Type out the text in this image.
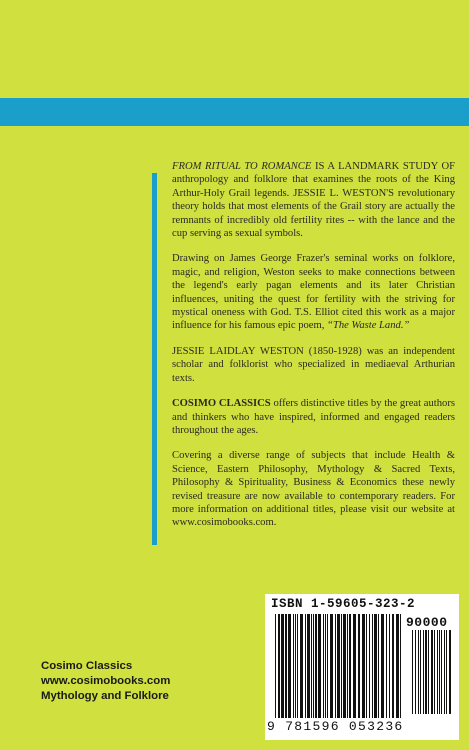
FROM RITUAL TO ROMANCE IS A LANDMARK STUDY OF anthropology and folklore that examines the roots of the King Arthur-Holy Grail legends. JESSIE L. WESTON'S revolutionary theory holds that most elements of the Grail story are actually the remnants of incredibly old fertility rites -- with the lance and the cup serving as sexual symbols.

Drawing on James George Frazer's seminal works on folklore, magic, and religion, Weston seeks to make connections between the legend's early pagan elements and its later Christian influences, uniting the quest for fertility with the striving for mystical oneness with God. T.S. Elliot cited this work as a major influence for his famous epic poem, “The Waste Land.”

JESSIE LAIDLAY WESTON (1850-1928) was an independent scholar and folklorist who specialized in mediaeval Arthurian texts.

COSIMO CLASSICS offers distinctive titles by the great authors and thinkers who have inspired, informed and engaged readers throughout the ages.

Covering a diverse range of subjects that include Health & Science, Eastern Philosophy, Mythology & Sacred Texts, Philosophy & Spirituality, Business & Economics these newly revised treasure are now available to contemporary readers. For more information on additional titles, please visit our website at www.cosimobooks.com.

Cosimo Classics
www.cosimobooks.com
Mythology and Folklore
ISBN 1-59605-323-2
90000
9 781596 053236
